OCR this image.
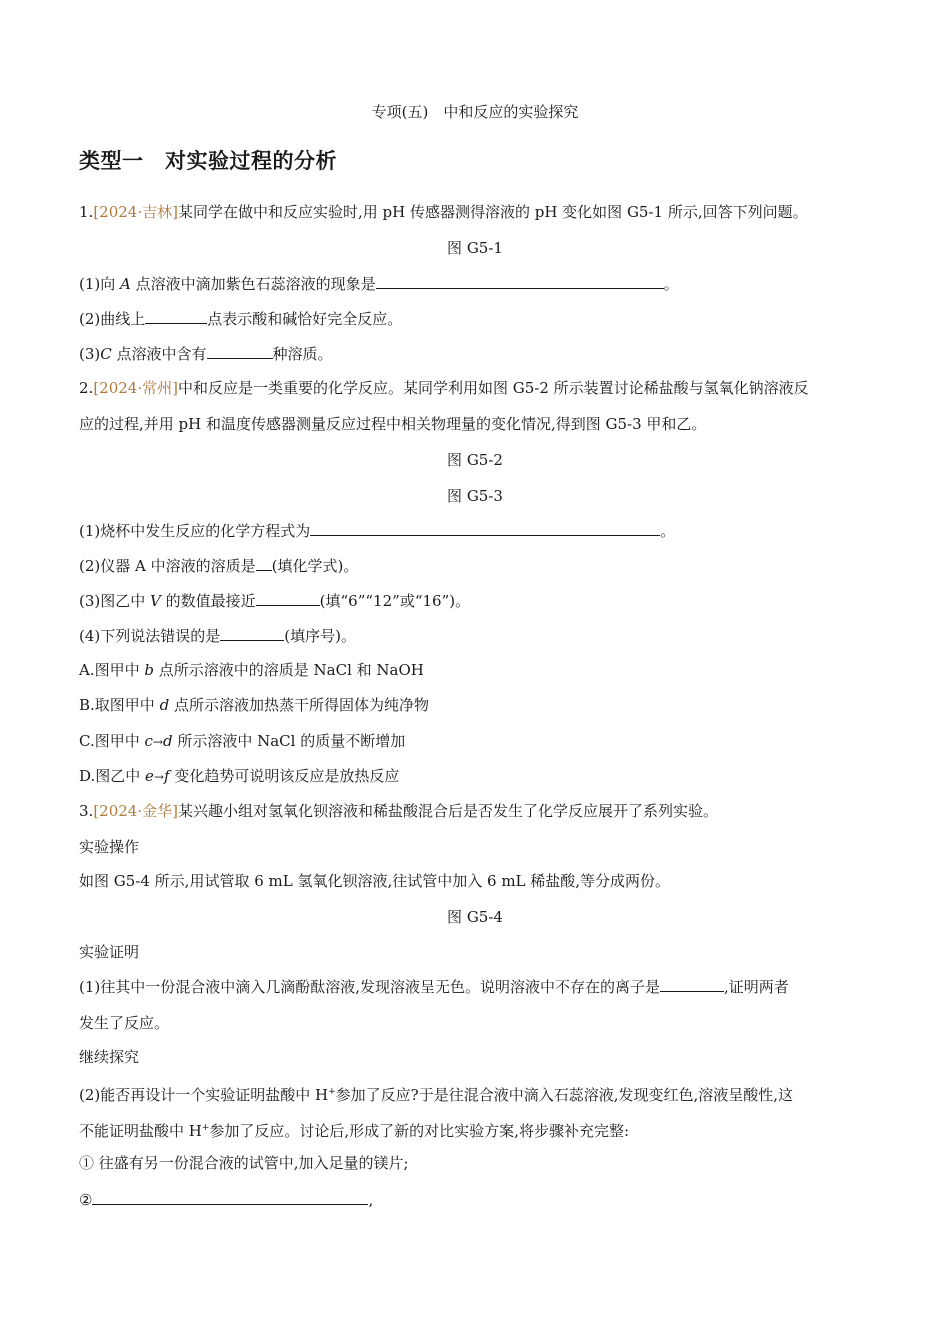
专项(五)　中和反应的实验探究
类型一　对实验过程的分析
1.[2024·吉林]某同学在做中和反应实验时,用 pH 传感器测得溶液的 pH 变化如图 G5-1 所示,回答下列问题。
图 G5-1
(1)向 A 点溶液中滴加紫色石蕊溶液的现象是	。
(2)曲线上	点表示酸和碱恰好完全反应。
(3)C 点溶液中含有	种溶质。
2.[2024·常州]中和反应是一类重要的化学反应。某同学利用如图 G5-2 所示装置讨论稀盐酸与氢氧化钠溶液反
应的过程,并用 pH 和温度传感器测量反应过程中相关物理量的变化情况,得到图 G5-3 甲和乙。
图 G5-2
图 G5-3
(1)烧杯中发生反应的化学方程式为	。
(2)仪器 A 中溶液的溶质是 (填化学式)。
(3)图乙中 V 的数值最接近	(填“6”“12”或“16”)。
(4)下列说法错误的是	(填序号)。
A.图甲中 b 点所示溶液中的溶质是 NaCl 和 NaOH
B.取图甲中 d 点所示溶液加热蒸干所得固体为纯净物
C.图甲中 c→d 所示溶液中 NaCl 的质量不断增加
D.图乙中 e→f 变化趋势可说明该反应是放热反应
3.[2024·金华]某兴趣小组对氢氧化钡溶液和稀盐酸混合后是否发生了化学反应展开了系列实验。
实验操作
如图 G5-4 所示,用试管取 6 mL 氢氧化钡溶液,往试管中加入 6 mL 稀盐酸,等分成两份。
图 G5-4
实验证明
(1)往其中一份混合液中滴入几滴酚酞溶液,发现溶液呈无色。说明溶液中不存在的离子是	,证明两者
发生了反应。
继续探究
(2)能否再设计一个实验证明盐酸中 H+参加了反应?于是往混合液中滴入石蕊溶液,发现变红色,溶液呈酸性,这
不能证明盐酸中 H+参加了反应。讨论后,形成了新的对比实验方案,将步骤补充完整:
① 往盛有另一份混合液的试管中,加入足量的镁片;
②	,
